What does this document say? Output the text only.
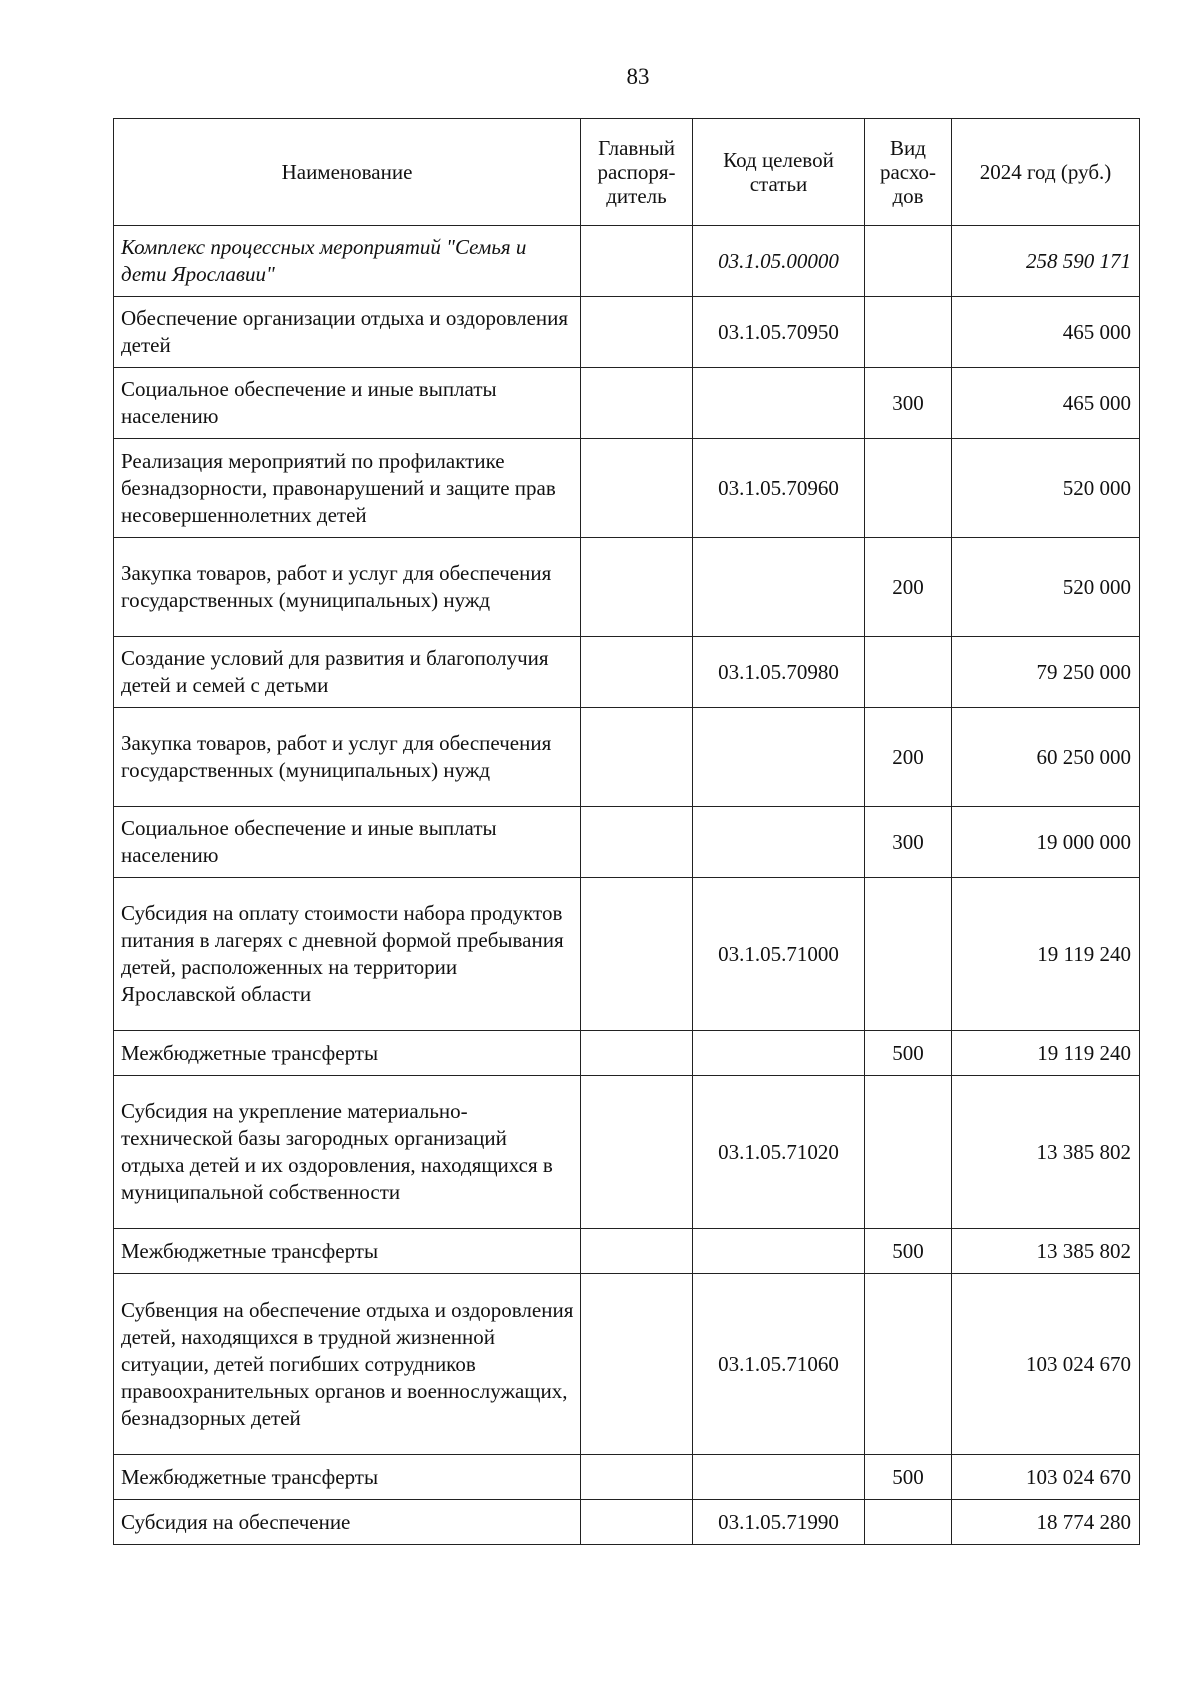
83
Наименование	Главный распоря-дитель	Код целевой статьи	Вид расхо-дов	2024 год (руб.)
Комплекс процессных мероприятий "Семья и дети Ярославии"		03.1.05.00000		258 590 171
Обеспечение организации отдыха и оздоровления детей		03.1.05.70950		465 000
Социальное обеспечение и иные выплаты населению			300	465 000
Реализация мероприятий по профилактике безнадзорности, правонарушений и защите прав несовершеннолетних детей		03.1.05.70960		520 000
Закупка товаров, работ и услуг для обеспечения государственных (муниципальных) нужд			200	520 000
Создание условий для развития и благополучия детей и семей с детьми		03.1.05.70980		79 250 000
Закупка товаров, работ и услуг для обеспечения государственных (муниципальных) нужд			200	60 250 000
Социальное обеспечение и иные выплаты населению			300	19 000 000
Субсидия на оплату стоимости набора продуктов питания в лагерях с дневной формой пребывания детей, расположенных на территории Ярославской области		03.1.05.71000		19 119 240
Межбюджетные трансферты			500	19 119 240
Субсидия на укрепление материально-технической базы загородных организаций отдыха детей и их оздоровления, находящихся в муниципальной собственности		03.1.05.71020		13 385 802
Межбюджетные трансферты			500	13 385 802
Субвенция на обеспечение отдыха и оздоровления детей, находящихся в трудной жизненной ситуации, детей погибших сотрудников правоохранительных органов и военнослужащих, безнадзорных детей		03.1.05.71060		103 024 670
Межбюджетные трансферты			500	103 024 670
Субсидия на обеспечение		03.1.05.71990		18 774 280
